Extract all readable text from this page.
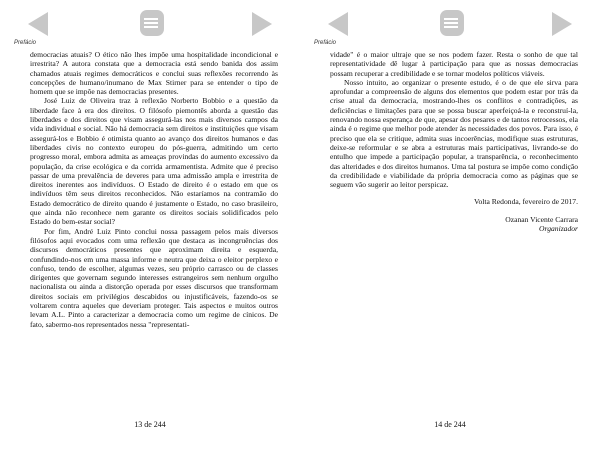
Prefácio

democracias atuais? O ético não lhes impõe uma hospitalidade incondicional e irrestrita? A autora constata que a democracia está sendo banida dos assim chamados atuais regimes democráticos e conclui suas reflexões recorrendo às concepções de humano/inumano de Max Stirner para se entender o tipo de homem que se impõe nas democracias presentes.

José Luiz de Oliveira traz à reflexão Norberto Bobbio e a questão da liberdade face à era dos direitos. O filósofo piemontês aborda a questão das liberdades e dos direitos que visam assegurá-las nos mais diversos campos da vida individual e social. Não há democracia sem direitos e instituições que visam assegurá-los e Bobbio é otimista quanto ao avanço dos direitos humanos e das liberdades civis no contexto europeu do pós-guerra, admitindo um certo progresso moral, embora admita as ameaças provindas do aumento excessivo da população, da crise ecológica e da corrida armamentista. Admite que é preciso passar de uma prevalência de deveres para uma admissão ampla e irrestrita de direitos inerentes aos indivíduos. O Estado de direito é o estado em que os indivíduos têm seus direitos reconhecidos. Não estaríamos na contramão do Estado democrático de direito quando é justamente o Estado, no caso brasileiro, que ainda não reconhece nem garante os direitos sociais solidificados pelo Estado do bem-estar social?

Por fim, André Luiz Pinto conclui nossa passagem pelos mais diversos filósofos aqui evocados com uma reflexão que destaca as incongruências dos discursos democráticos presentes que aproximam direita e esquerda, confundindo-nos em uma massa informe e neutra que deixa o eleitor perplexo e confuso, tendo de escolher, algumas vezes, seu próprio carrasco ou de classes dirigentes que governam segundo interesses estrangeiros sem nenhum orgulho nacionalista ou ainda a distorção operada por esses discursos que transformam direitos sociais em privilégios descabidos ou injustificáveis, fazendo-os se voltarem contra aqueles que deveriam proteger. Tais aspectos e muitos outros levam A.L. Pinto a caracterizar a democracia como um regime de cínicos. De fato, sabermo-nos representados nessa "representati-

13 de 244
Prefácio

vidade" é o maior ultraje que se nos podem fazer. Resta o sonho de que tal representatividade dê lugar à participação para que as nossas democracias possam recuperar a credibilidade e se tornar modelos políticos viáveis.

Nosso intuito, ao organizar o presente estudo, é o de que ele sirva para aprofundar a compreensão de alguns dos elementos que podem estar por trás da crise atual da democracia, mostrando-lhes os conflitos e contradições, as deficiências e limitações para que se possa buscar aperfeiçoá-la e reconstruí-la, renovando nossa esperança de que, apesar dos pesares e de tantos retrocessos, ela ainda é o regime que melhor pode atender às necessidades dos povos. Para isso, é preciso que ela se critique, admita suas incoerências, modifique suas estruturas, deixe-se reformular e se abra a estruturas mais participativas, livrando-se do entulho que impede a participação popular, a transparência, o reconhecimento das alteridades e dos direitos humanos. Uma tal postura se impõe como condição da credibilidade e viabilidade da própria democracia como as páginas que se seguem vão sugerir ao leitor perspicaz.

Volta Redonda, fevereiro de 2017.
Ozanan Vicente Carrara
Organizador
14 de 244
